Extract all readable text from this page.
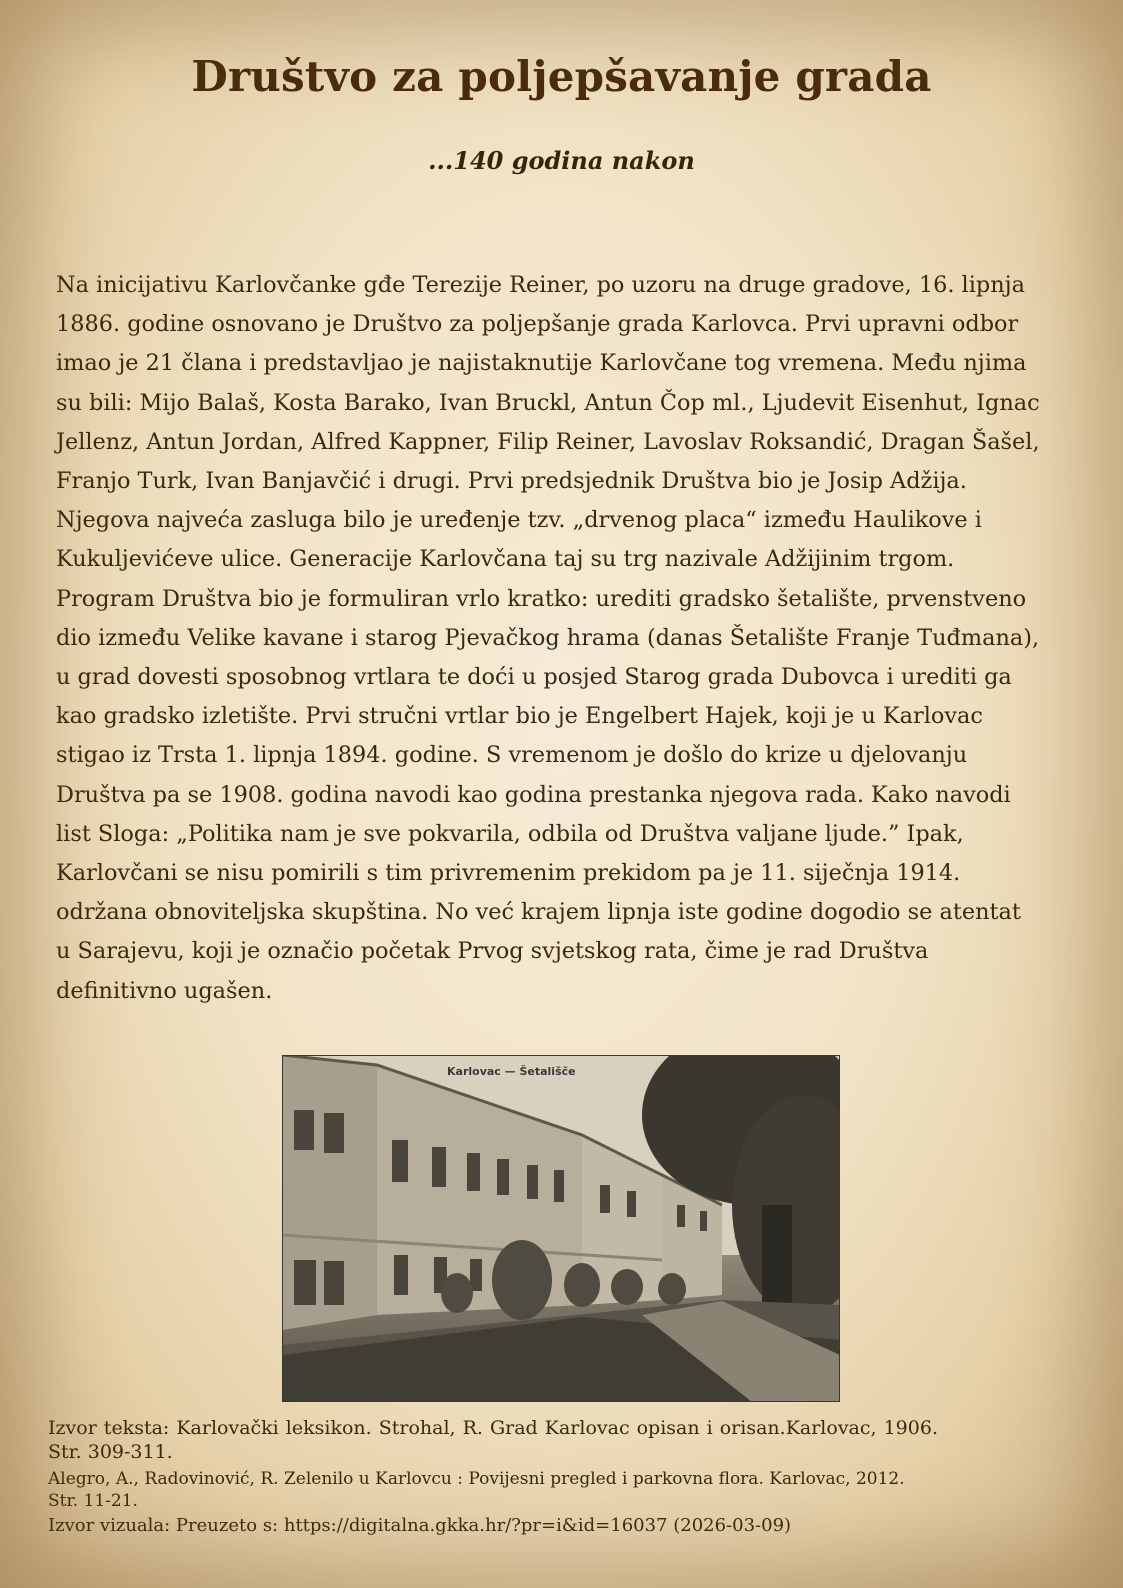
Društvo za poljepšavanje grada
...140 godina nakon

Na inicijativu Karlovčanke gđe Terezije Reiner, po uzoru na druge gradove, 16. lipnja 1886. godine osnovano je Društvo za poljepšanje grada Karlovca. Prvi upravni odbor imao je 21 člana i predstavljao je najistaknutije Karlovčane tog vremena. Među njima su bili: Mijo Balaš, Kosta Barako, Ivan Bruckl, Antun Čop ml., Ljudevit Eisenhut, Ignac Jellenz, Antun Jordan, Alfred Kappner, Filip Reiner, Lavoslav Roksandić, Dragan Šašel, Franjo Turk, Ivan Banjavčić i drugi. Prvi predsjednik Društva bio je Josip Adžija. Njegova najveća zasluga bilo je uređenje tzv. „drvenog placa“ između Haulikove i Kukuljevićeve ulice. Generacije Karlovčana taj su trg nazivale Adžijinim trgom. Program Društva bio je formuliran vrlo kratko: urediti gradsko šetalište, prvenstveno dio između Velike kavane i starog Pjevačkog hrama (danas Šetalište Franje Tuđmana), u grad dovesti sposobnog vrtlara te doći u posjed Starog grada Dubovca i urediti ga kao gradsko izletište. Prvi stručni vrtlar bio je Engelbert Hajek, koji je u Karlovac stigao iz Trsta 1. lipnja 1894. godine. S vremenom je došlo do krize u djelovanju Društva pa se 1908. godina navodi kao godina prestanka njegova rada. Kako navodi list Sloga: „Politika nam je sve pokvarila, odbila od Društva valjane ljude.” Ipak, Karlovčani se nisu pomirili s tim privremenim prekidom pa je 11. siječnja 1914. održana obnoviteljska skupština. No već krajem lipnja iste godine dogodio se atentat u Sarajevu, koji je označio početak Prvog svjetskog rata, čime je rad Društva definitivno ugašen.

Karlovac — Šetališče

Izvor teksta: Karlovački leksikon. Strohal, R. Grad Karlovac opisan i orisan.Karlovac, 1906. Str. 309-311.

Alegro, A., Radovinović, R. Zelenilo u Karlovcu : Povijesni pregled i parkovna flora. Karlovac, 2012. Str. 11-21.

Izvor vizuala: Preuzeto s: https://digitalna.gkka.hr/?pr=i&id=16037 (2026-03-09)
